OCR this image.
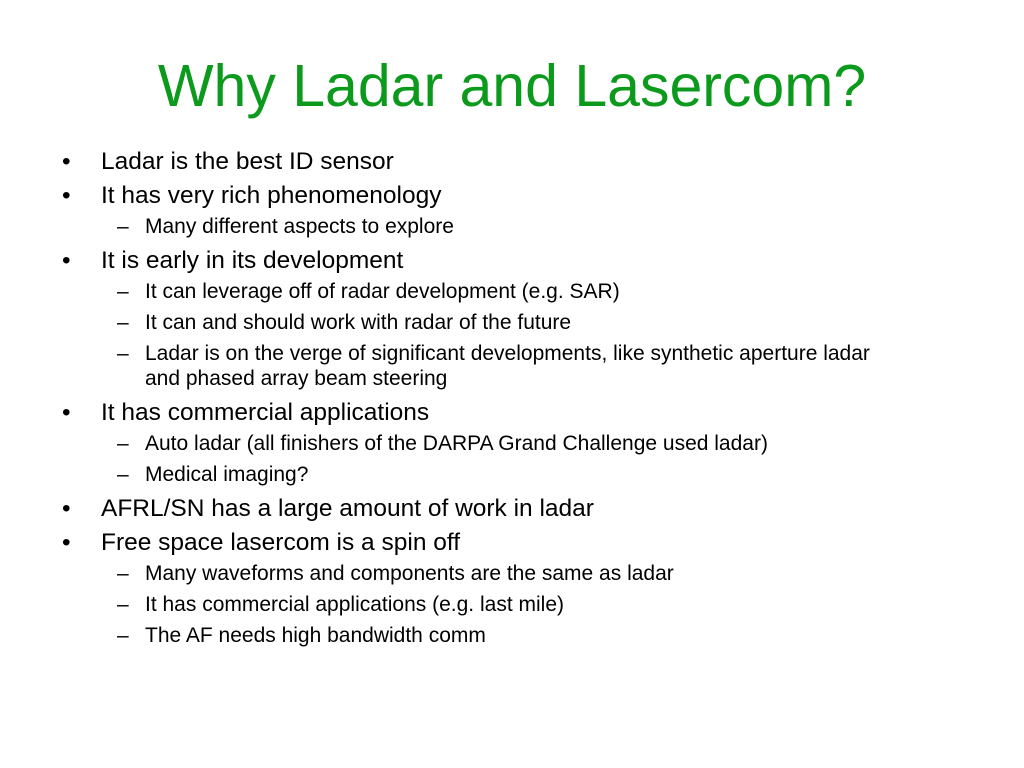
Why Ladar and Lasercom?
• Ladar is the best ID sensor
• It has very rich phenomenology
– Many different aspects to explore
• It is early in its development
– It can leverage off of radar development (e.g. SAR)
– It can and should work with radar of the future
– Ladar is on the verge of significant developments, like synthetic aperture ladar and phased array beam steering
• It has commercial applications
– Auto ladar (all finishers of the DARPA Grand Challenge used ladar)
– Medical imaging?
• AFRL/SN has a large amount of work in ladar
• Free space lasercom is a spin off
– Many waveforms and components are the same as ladar
– It has commercial applications (e.g. last mile)
– The AF needs high bandwidth comm
